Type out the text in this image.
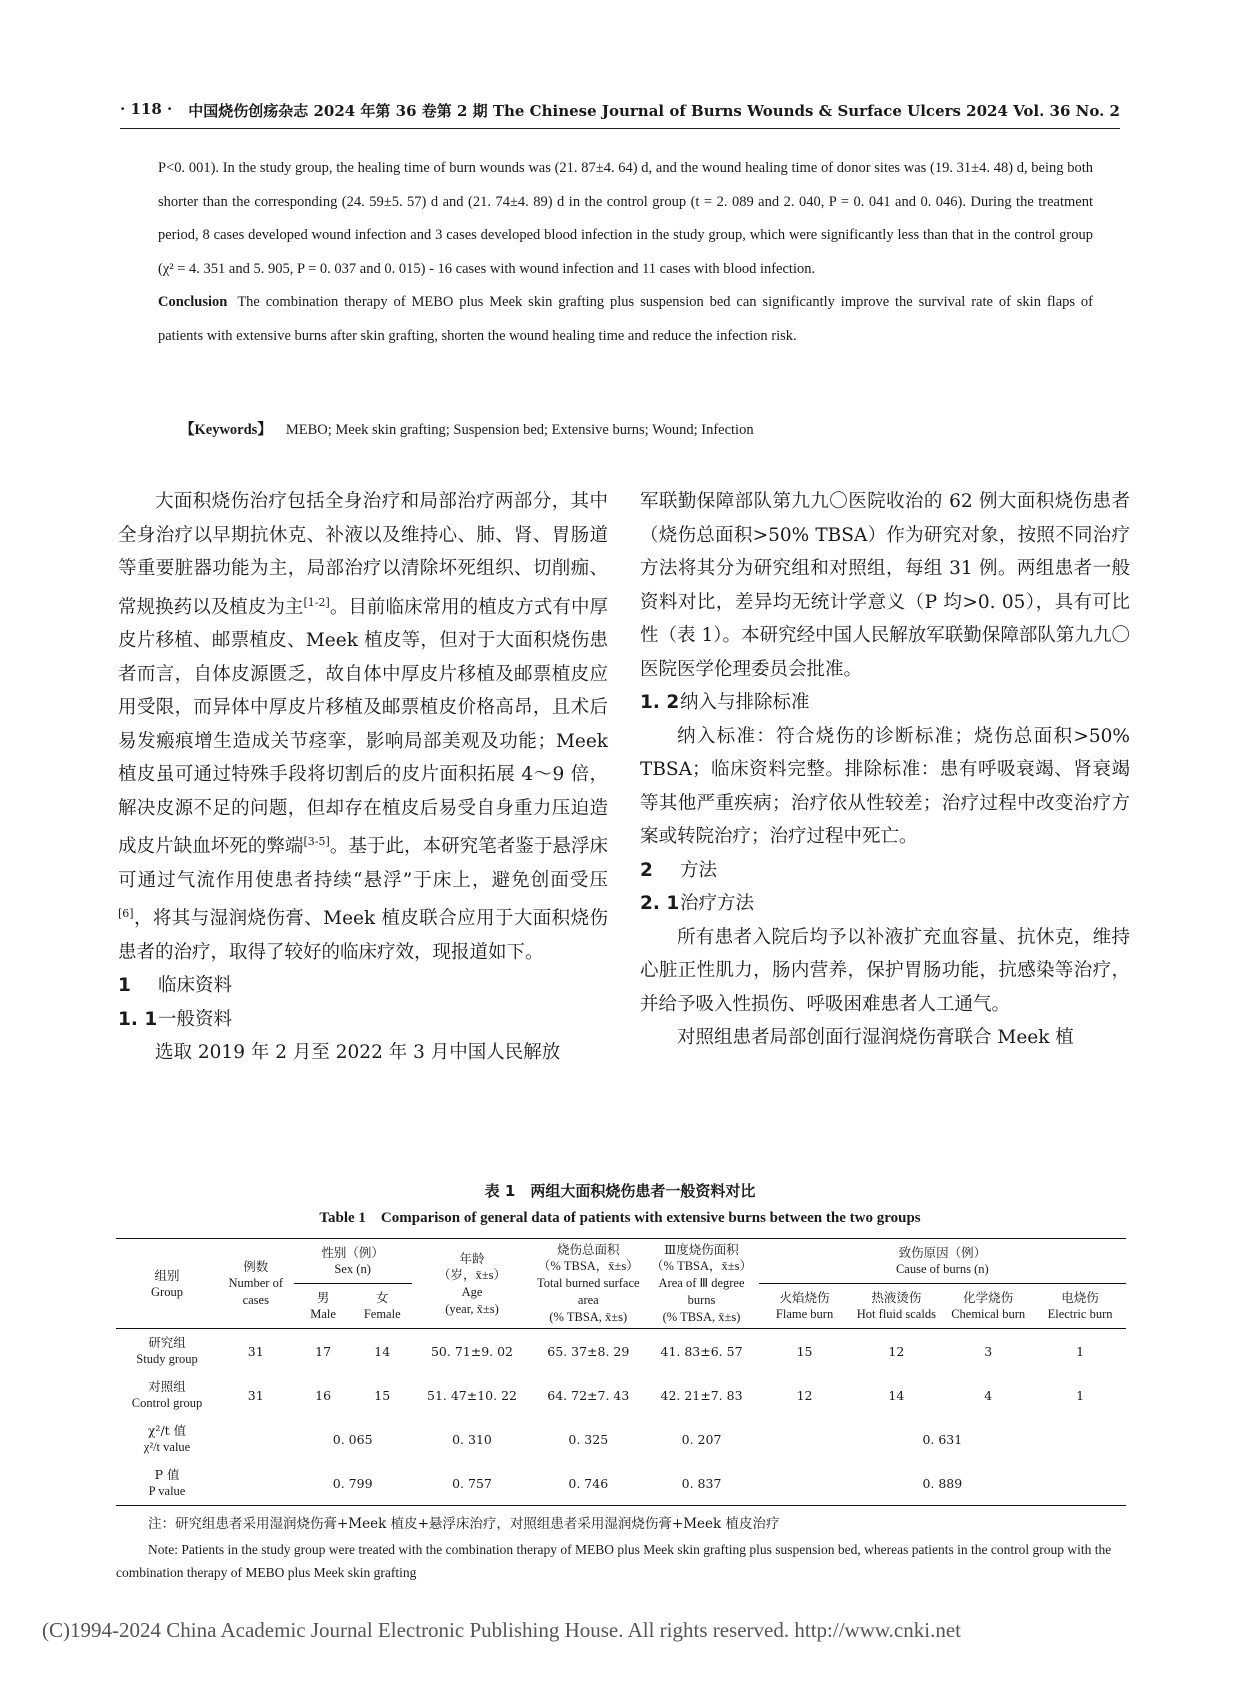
· 118 · 中国烧伤创疡杂志 2024 年第 36 卷第 2 期 The Chinese Journal of Burns Wounds & Surface Ulcers 2024 Vol. 36 No. 2

P<0. 001). In the study group, the healing time of burn wounds was (21. 87±4. 64) d, and the wound healing time of donor sites was (19. 31±4. 48) d, being both shorter than the corresponding (24. 59±5. 57) d and (21. 74±4. 89) d in the control group (t = 2. 089 and 2. 040, P = 0. 041 and 0. 046). During the treatment period, 8 cases developed wound infection and 3 cases developed blood infection in the study group, which were significantly less than that in the control group (χ² = 4. 351 and 5. 905, P = 0. 037 and 0. 015) - 16 cases with wound infection and 11 cases with blood infection.

Conclusion The combination therapy of MEBO plus Meek skin grafting plus suspension bed can significantly improve the survival rate of skin flaps of patients with extensive burns after skin grafting, shorten the wound healing time and reduce the infection risk.

【Keywords】 MEBO; Meek skin grafting; Suspension bed; Extensive burns; Wound; Infection

大面积烧伤治疗包括全身治疗和局部治疗两部分，其中全身治疗以早期抗休克、补液以及维持心、肺、肾、胃肠道等重要脏器功能为主，局部治疗以清除坏死组织、切削痂、常规换药以及植皮为主[1-2]。目前临床常用的植皮方式有中厚皮片移植、邮票植皮、Meek 植皮等，但对于大面积烧伤患者而言，自体皮源匮乏，故自体中厚皮片移植及邮票植皮应用受限，而异体中厚皮片移植及邮票植皮价格高昂，且术后易发瘢痕增生造成关节痉挛，影响局部美观及功能；Meek 植皮虽可通过特殊手段将切割后的皮片面积拓展 4～9 倍，解决皮源不足的问题，但却存在植皮后易受自身重力压迫造成皮片缺血坏死的弊端[3-5]。基于此，本研究笔者鉴于悬浮床可通过气流作用使患者持续“悬浮”于床上，避免创面受压[6]，将其与湿润烧伤膏、Meek 植皮联合应用于大面积烧伤患者的治疗，取得了较好的临床疗效，现报道如下。

1 临床资料
1. 1一般资料

选取 2019 年 2 月至 2022 年 3 月中国人民解放

军联勤保障部队第九九〇医院收治的 62 例大面积烧伤患者（烧伤总面积>50% TBSA）作为研究对象，按照不同治疗方法将其分为研究组和对照组，每组 31 例。两组患者一般资料对比，差异均无统计学意义（P 均>0. 05），具有可比性（表 1）。本研究经中国人民解放军联勤保障部队第九九〇医院医学伦理委员会批准。

1. 2纳入与排除标准

纳入标准：符合烧伤的诊断标准；烧伤总面积>50% TBSA；临床资料完整。排除标准：患有呼吸衰竭、肾衰竭等其他严重疾病；治疗依从性较差；治疗过程中改变治疗方案或转院治疗；治疗过程中死亡。

2 方法
2. 1治疗方法

所有患者入院后均予以补液扩充血容量、抗休克，维持心脏正性肌力，肠内营养，保护胃肠功能，抗感染等治疗，并给予吸入性损伤、呼吸困难患者人工通气。

对照组患者局部创面行湿润烧伤膏联合 Meek 植

表 1　两组大面积烧伤患者一般资料对比
Table 1　Comparison of general data of patients with extensive burns between the two groups
组别
Group	例数
Number of cases	性别（例）
Sex (n)		年龄
（岁，x̄±s）
Age
(year, x̄±s)	烧伤总面积
（% TBSA，x̄±s）
Total burned surface area
(% TBSA, x̄±s)	Ⅲ度烧伤面积
（% TBSA，x̄±s）
Area of Ⅲ degree burns
(% TBSA, x̄±s)	致伤原因（例）
Cause of burns (n)			

		男
Male	女
Female				火焰烧伤
Flame burn	热液烫伤
Hot fluid scalds	化学烧伤
Chemical burn	电烧伤
Electric burn

研究组
Study group	31	17	14	50. 71±9. 02	65. 37±8. 29	41. 83±6. 57	15	12	3	1
对照组
Control group	31	16	15	51. 47±10. 22	64. 72±7. 43	42. 21±7. 83	12	14	4	1
χ²/t 值
χ²/t value		0. 065		0. 310	0. 325	0. 207	0. 631			
P 值
P value		0. 799		0. 757	0. 746	0. 837	0. 889			
注：研究组患者采用湿润烧伤膏+Meek 植皮+悬浮床治疗，对照组患者采用湿润烧伤膏+Meek 植皮治疗

Note: Patients in the study group were treated with the combination therapy of MEBO plus Meek skin grafting plus suspension bed, whereas patients in the control group with the combination therapy of MEBO plus Meek skin grafting

(C)1994-2024 China Academic Journal Electronic Publishing House. All rights reserved. http://www.cnki.net
